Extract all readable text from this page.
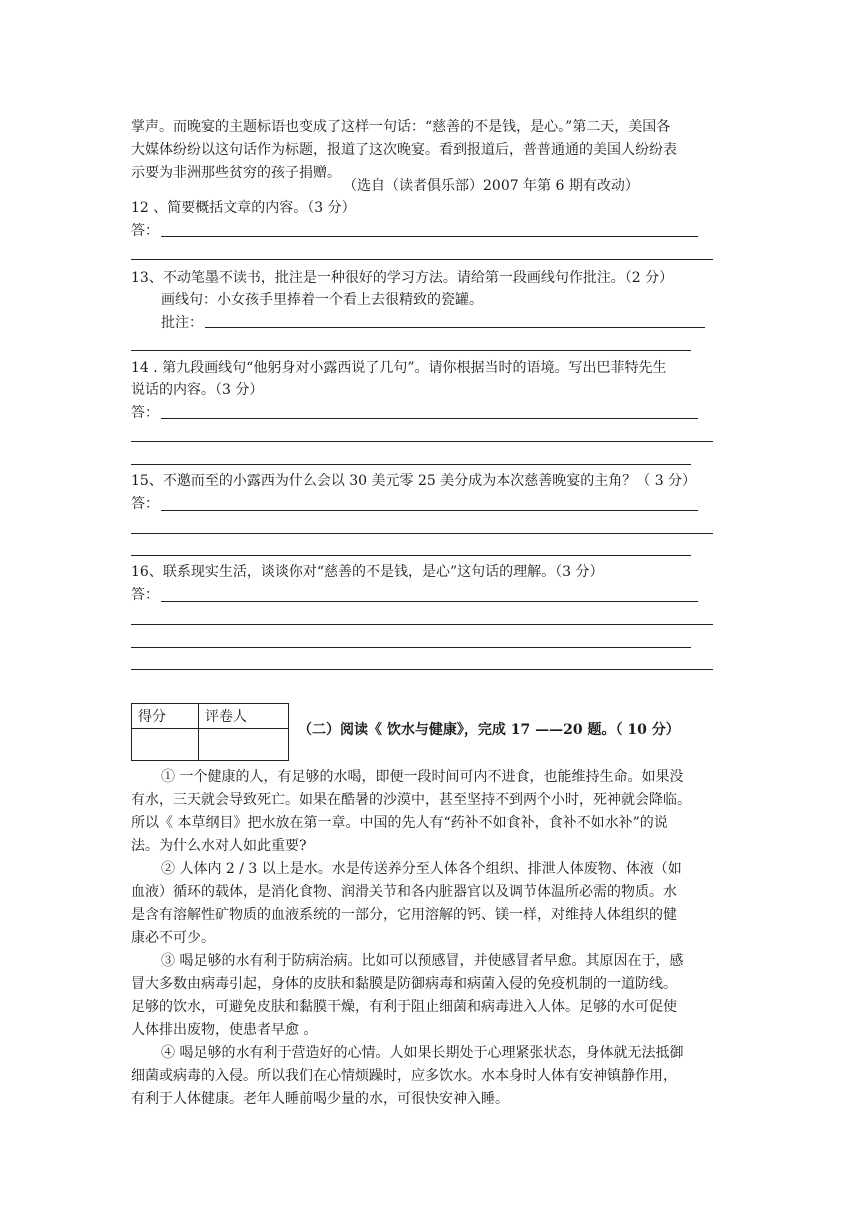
掌声。而晚宴的主题标语也变成了这样一句话：“慈善的不是钱，是心。”第二天，美国各
大媒体纷纷以这句话作为标题，报道了这次晚宴。看到报道后，普普通通的美国人纷纷表
示要为非洲那些贫穷的孩子捐赠。
（选自（读者俱乐部）2007 年第 6 期有改动）
12 、简要概括文章的内容。（3 分）
答：
13、不动笔墨不读书，批注是一种很好的学习方法。请给第一段画线句作批注。（2 分）
画线句：小女孩手里捧着一个看上去很精致的瓷罐。
批注：
14 . 第九段画线句“他躬身对小露西说了几句”。请你根据当时的语境。写出巴菲特先生
说话的内容。（3 分）
答：
15、不邀而至的小露西为什么会以 30 美元零 25 美分成为本次慈善晚宴的主角？（ 3 分）
答：
16、联系现实生活，谈谈你对“慈善的不是钱，是心”这句话的理解。（3 分）
答：
得分	评卷人

（二）阅读《 饮水与健康》，完成 17 ——20 题。（ 10 分）
① 一个健康的人，有足够的水喝，即便一段时间可内不进食，也能维持生命。如果没
有水，三天就会导致死亡。如果在酷暑的沙漠中，甚至坚持不到两个小时，死神就会降临。
所以《 本草纲目》把水放在第一章。中国的先人有“药补不如食补，食补不如水补”的说
法。为什么水对人如此重要?
② 人体内 2 / 3 以上是水。水是传送养分至人体各个组织、排泄人体废物、体液（如
血液）循环的载体，是消化食物、润滑关节和各内脏器官以及调节体温所必需的物质。水
是含有溶解性矿物质的血液系统的一部分，它用溶解的钙、镁一样，对维持人体组织的健
康必不可少。
③ 喝足够的水有利于防病治病。比如可以预感冒，并使感冒者早愈。其原因在于，感
冒大多数由病毒引起，身体的皮肤和黏膜是防御病毒和病菌入侵的免疫机制的一道防线。
足够的饮水，可避免皮肤和黏膜干燥，有利于阻止细菌和病毒进入人体。足够的水可促使
人体排出废物，使患者早愈 。
④ 喝足够的水有利于营造好的心情。人如果长期处于心理紧张状态，身体就无法抵御
细菌或病毒的入侵。所以我们在心情烦躁时，应多饮水。水本身时人体有安神镇静作用，
有利于人体健康。老年人睡前喝少量的水，可很快安神入睡。
